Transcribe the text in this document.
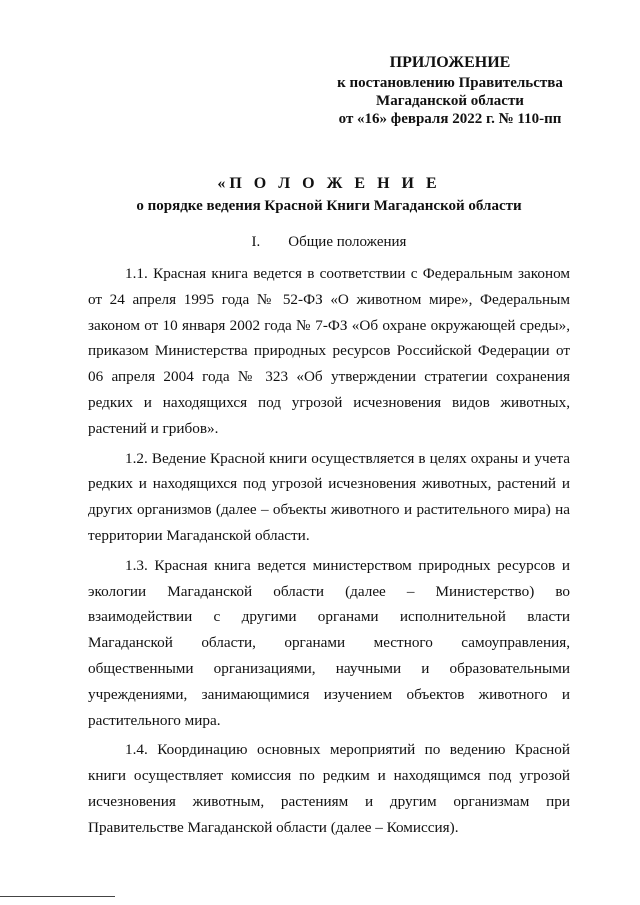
ПРИЛОЖЕНИЕ
к постановлению Правительства
Магаданской области
от «16» февраля 2022 г. № 110-пп
«П О Л О Ж Е Н И Е
о порядке ведения Красной Книги Магаданской области
I. Общие положения

1.1. Красная книга ведется в соответствии с Федеральным законом от 24 апреля 1995 года № 52-ФЗ «О животном мире», Федеральным законом от 10 января 2002 года № 7-ФЗ «Об охране окружающей среды», приказом Министерства природных ресурсов Российской Федерации от 06 апреля 2004 года № 323 «Об утверждении стратегии сохранения редких и находящихся под угрозой исчезновения видов животных, растений и грибов».

1.2. Ведение Красной книги осуществляется в целях охраны и учета редких и находящихся под угрозой исчезновения животных, растений и других организмов (далее – объекты животного и растительного мира) на территории Магаданской области.

1.3. Красная книга ведется министерством природных ресурсов и экологии Магаданской области (далее – Министерство) во взаимодействии с другими органами исполнительной власти Магаданской области, органами местного самоуправления, общественными организациями, научными и образовательными учреждениями, занимающимися изучением объектов животного и растительного мира.

1.4. Координацию основных мероприятий по ведению Красной книги осуществляет комиссия по редким и находящимся под угрозой исчезновения животным, растениям и другим организмам при Правительстве Магаданской области (далее – Комиссия).
